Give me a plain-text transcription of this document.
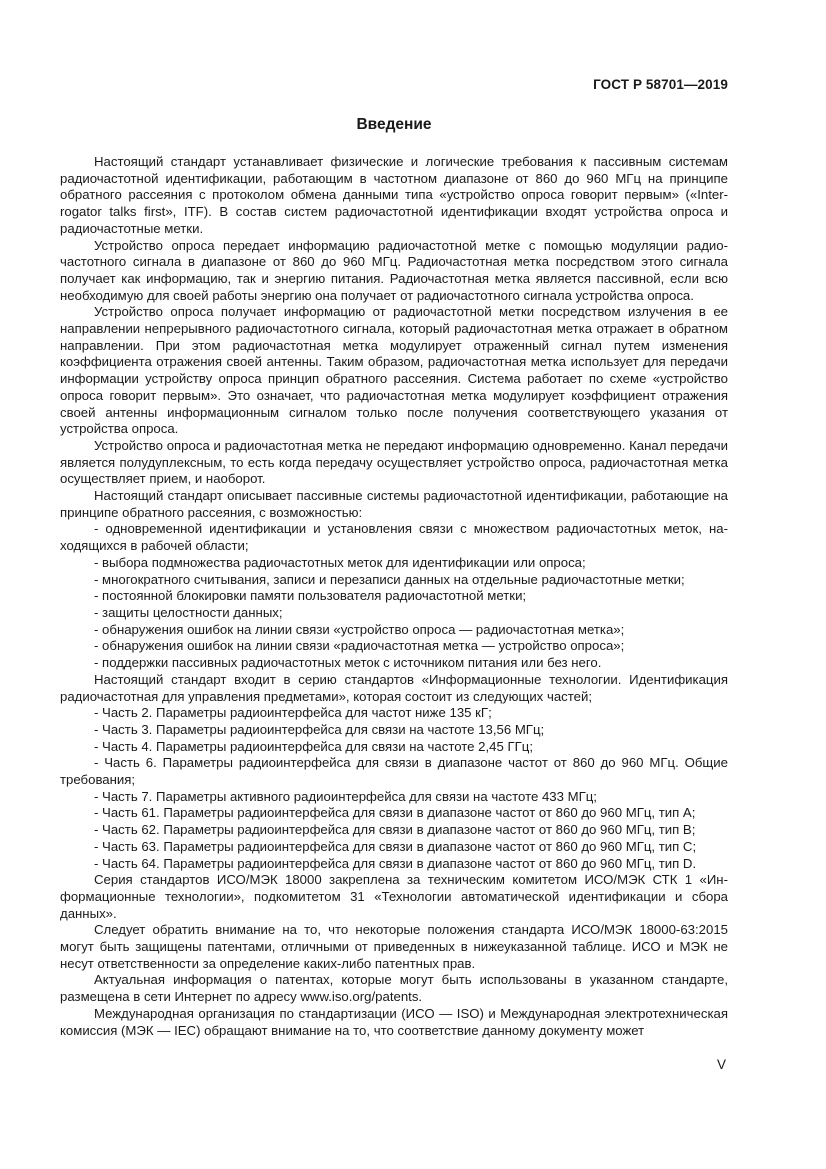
ГОСТ Р 58701—2019
Введение

Настоящий стандарт устанавливает физические и логические требования к пассивным системам радиочастотной идентификации, работающим в частотном диапазоне от 860 до 960 МГц на принципе обратного рассеяния с протоколом обмена данными типа «устройство опроса говорит первым» («Interrogator talks first», ITF). В состав систем радиочастотной идентификации входят устройства опроса и радиочастотные метки.

Устройство опроса передает информацию радиочастотной метке с помощью модуляции радиочастотного сигнала в диапазоне от 860 до 960 МГц. Радиочастотная метка посредством этого сигнала получает как информацию, так и энергию питания. Радиочастотная метка является пассивной, если всю необходимую для своей работы энергию она получает от радиочастотного сигнала устройства опроса.

Устройство опроса получает информацию от радиочастотной метки посредством излучения в ее направлении непрерывного радиочастотного сигнала, который радиочастотная метка отражает в обратном направлении. При этом радиочастотная метка модулирует отраженный сигнал путем изменения коэффициента отражения своей антенны. Таким образом, радиочастотная метка использует для передачи информации устройству опроса принцип обратного рассеяния. Система работает по схеме «устройство опроса говорит первым». Это означает, что радиочастотная метка модулирует коэффициент отражения своей антенны информационным сигналом только после получения соответствующего указания от устройства опроса.

Устройство опроса и радиочастотная метка не передают информацию одновременно. Канал передачи является полудуплексным, то есть когда передачу осуществляет устройство опроса, радиочастотная метка осуществляет прием, и наоборот.

Настоящий стандарт описывает пассивные системы радиочастотной идентификации, работающие на принципе обратного рассеяния, с возможностью:

- одновременной идентификации и установления связи с множеством радиочастотных меток, находящихся в рабочей области;

- выбора подмножества радиочастотных меток для идентификации или опроса;

- многократного считывания, записи и перезаписи данных на отдельные радиочастотные метки;

- постоянной блокировки памяти пользователя радиочастотной метки;

- защиты целостности данных;

- обнаружения ошибок на линии связи «устройство опроса — радиочастотная метка»;

- обнаружения ошибок на линии связи «радиочастотная метка — устройство опроса»;

- поддержки пассивных радиочастотных меток с источником питания или без него.

Настоящий стандарт входит в серию стандартов «Информационные технологии. Идентификация радиочастотная для управления предметами», которая состоит из следующих частей;

- Часть 2. Параметры радиоинтерфейса для частот ниже 135 кГ;

- Часть 3. Параметры радиоинтерфейса для связи на частоте 13,56 МГц;

- Часть 4. Параметры радиоинтерфейса для связи на частоте 2,45 ГГц;

- Часть 6. Параметры радиоинтерфейса для связи в диапазоне частот от 860 до 960 МГц. Общие требования;

- Часть 7. Параметры активного радиоинтерфейса для связи на частоте 433 МГц;

- Часть 61. Параметры радиоинтерфейса для связи в диапазоне частот от 860 до 960 МГц, тип А;

- Часть 62. Параметры радиоинтерфейса для связи в диапазоне частот от 860 до 960 МГц, тип В;

- Часть 63. Параметры радиоинтерфейса для связи в диапазоне частот от 860 до 960 МГц, тип С;

- Часть 64. Параметры радиоинтерфейса для связи в диапазоне частот от 860 до 960 МГц, тип D.

Серия стандартов ИСО/МЭК 18000 закреплена за техническим комитетом ИСО/МЭК СТК 1 «Информационные технологии», подкомитетом 31 «Технологии автоматической идентификации и сбора данных».

Следует обратить внимание на то, что некоторые положения стандарта ИСО/МЭК 18000-63:2015 могут быть защищены патентами, отличными от приведенных в нижеуказанной таблице. ИСО и МЭК не несут ответственности за определение каких-либо патентных прав.

Актуальная информация о патентах, которые могут быть использованы в указанном стандарте, размещена в сети Интернет по адресу www.iso.org/patents.

Международная организация по стандартизации (ИСО — ISO) и Международная электротехническая комиссия (МЭК — IEC) обращают внимание на то, что соответствие данному документу может

V
